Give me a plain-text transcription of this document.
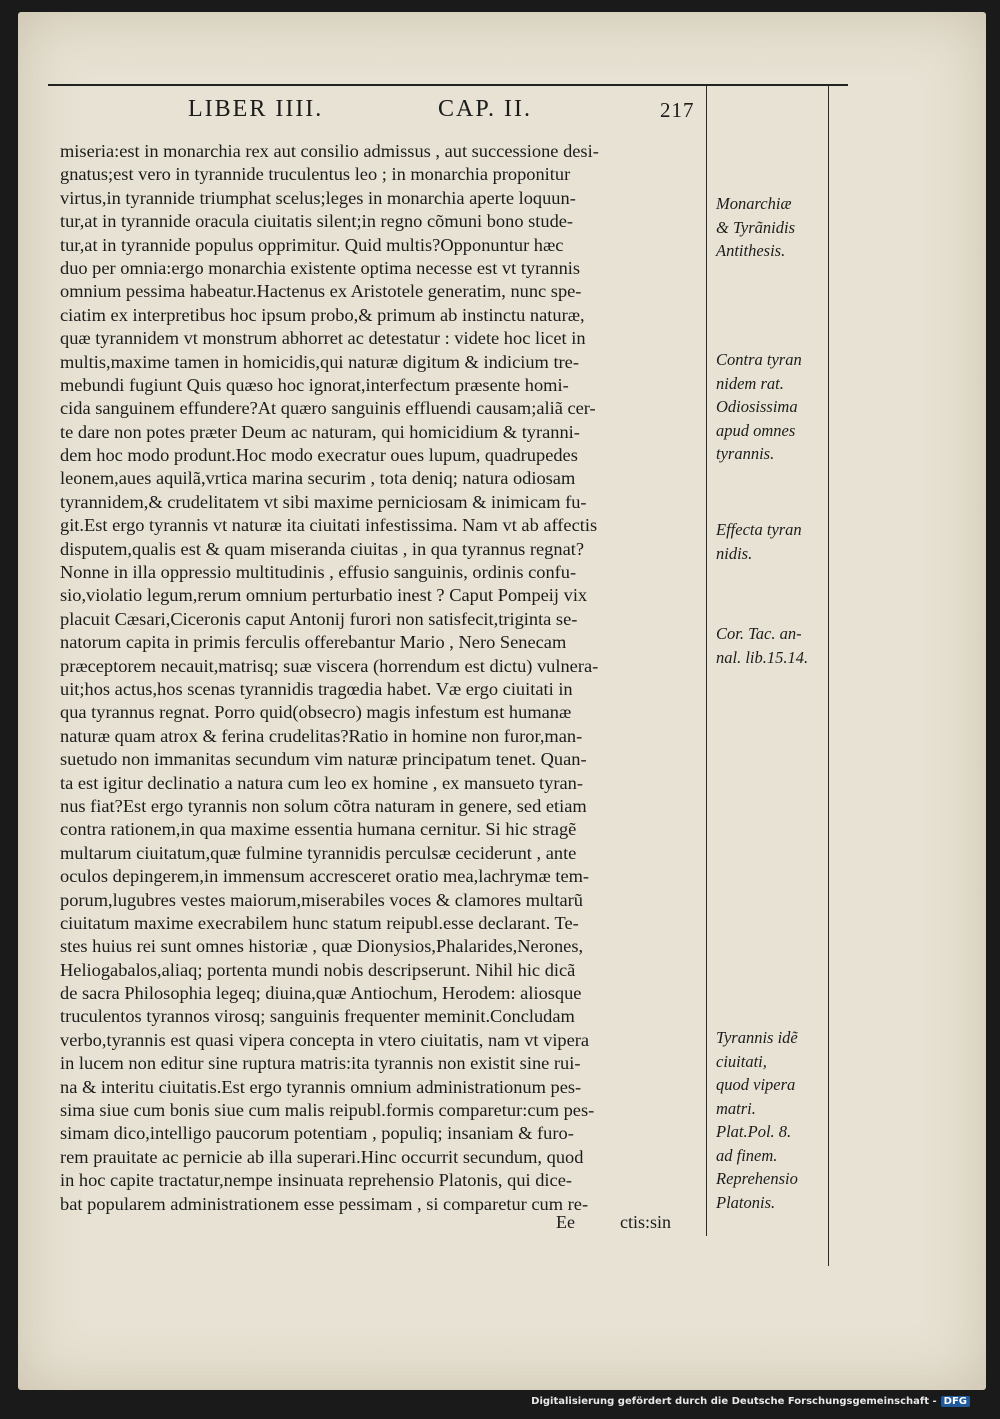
LIBER IIII.	CAP. II.	217
miseria:est in monarchia rex aut consilio admissus , aut successione desi-
gnatus;est vero in tyrannide truculentus leo ; in monarchia proponitur
virtus,in tyrannide triumphat scelus;leges in monarchia aperte loquun-
tur,at in tyrannide oracula ciuitatis silent;in regno cõmuni bono stude-
tur,at in tyrannide populus opprimitur. Quid multis?Opponuntur hæc
duo per omnia:ergo monarchia existente optima necesse est vt tyrannis
omnium pessima habeatur.Hactenus ex Aristotele generatim, nunc spe-
ciatim ex interpretibus hoc ipsum probo,& primum ab instinctu naturæ,
quæ tyrannidem vt monstrum abhorret ac detestatur : videte hoc licet in
multis,maxime tamen in homicidis,qui naturæ digitum & indicium tre-
mebundi fugiunt Quis quæso hoc ignorat,interfectum præsente homi-
cida sanguinem effundere?At quæro sanguinis effluendi causam;aliã cer-
te dare non potes præter Deum ac naturam, qui homicidium & tyranni-
dem hoc modo produnt.Hoc modo execratur oues lupum, quadrupedes
leonem,aues aquilã,vrtica marina securim , tota deniq; natura odiosam
tyrannidem,& crudelitatem vt sibi maxime perniciosam & inimicam fu-
git.Est ergo tyrannis vt naturæ ita ciuitati infestissima. Nam vt ab affectis
disputem,qualis est & quam miseranda ciuitas , in qua tyrannus regnat?
Nonne in illa oppressio multitudinis , effusio sanguinis, ordinis confu-
sio,violatio legum,rerum omnium perturbatio inest ? Caput Pompeij vix
placuit Cæsari,Ciceronis caput Antonij furori non satisfecit,triginta se-
natorum capita in primis ferculis offerebantur Mario , Nero Senecam
præceptorem necauit,matrisq; suæ viscera (horrendum est dictu) vulnera-
uit;hos actus,hos scenas tyrannidis tragœdia habet. Væ ergo ciuitati in
qua tyrannus regnat. Porro quid(obsecro) magis infestum est humanæ
naturæ quam atrox & ferina crudelitas?Ratio in homine non furor,man-
suetudo non immanitas secundum vim naturæ principatum tenet. Quan-
ta est igitur declinatio a natura cum leo ex homine , ex mansueto tyran-
nus fiat?Est ergo tyrannis non solum cõtra naturam in genere, sed etiam
contra rationem,in qua maxime essentia humana cernitur. Si hic stragẽ
multarum ciuitatum,quæ fulmine tyrannidis perculsæ ceciderunt , ante
oculos depingerem,in immensum accresceret oratio mea,lachrymæ tem-
porum,lugubres vestes maiorum,miserabiles voces & clamores multarũ
ciuitatum maxime execrabilem hunc statum reipubl.esse declarant. Te-
stes huius rei sunt omnes historiæ , quæ Dionysios,Phalarides,Nerones,
Heliogabalos,aliaq; portenta mundi nobis descripserunt. Nihil hic dicã
de sacra Philosophia legeq; diuina,quæ Antiochum, Herodem: aliosque
truculentos tyrannos virosq; sanguinis frequenter meminit.Concludam
verbo,tyrannis est quasi vipera concepta in vtero ciuitatis, nam vt vipera
in lucem non editur sine ruptura matris:ita tyrannis non existit sine rui-
na & interitu ciuitatis.Est ergo tyrannis omnium administrationum pes-
sima siue cum bonis siue cum malis reipubl.formis comparetur:cum pes-
simam dico,intelligo paucorum potentiam , populiq; insaniam & furo-
rem prauitate ac pernicie ab illa superari.Hinc occurrit secundum, quod
in hoc capite tractatur,nempe insinuata reprehensio Platonis, qui dice-
bat popularem administrationem esse pessimam , si comparetur cum re-
Monarchiæ
& Tyrãnidis
Antithesis.
Contra tyran
nidem rat.
Odiosissima
apud omnes
tyrannis.
Effecta tyran
nidis.
Cor. Tac. an-
nal. lib.15.14.
Tyrannis idẽ
ciuitati,
quod vipera
matri.
Plat.Pol. 8.
ad finem.
Reprehensio
Platonis.
Ee	ctis:sin
Digitalisierung gefördert durch die Deutsche Forschungsgemeinschaft - DFG
